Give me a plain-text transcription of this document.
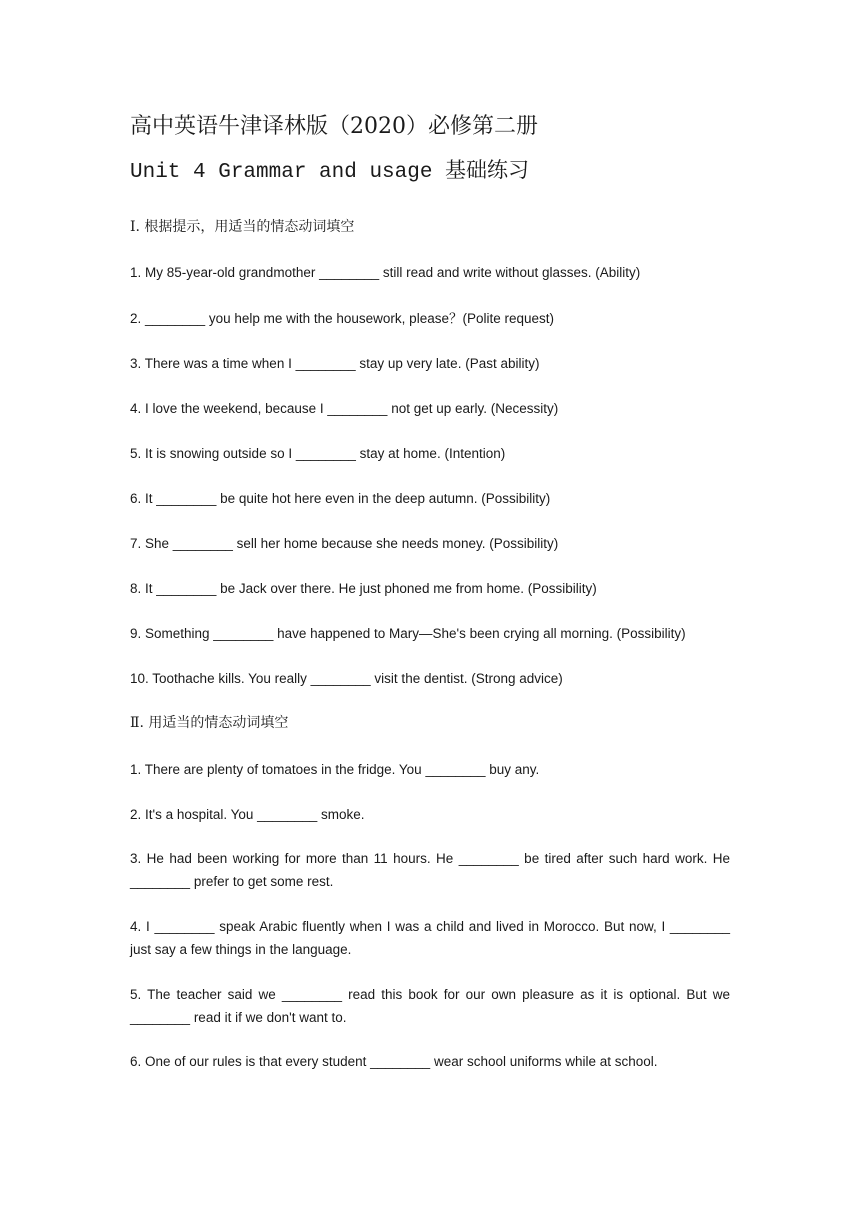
高中英语牛津译林版（2020）必修第二册
Unit 4 Grammar and usage 基础练习
Ⅰ. 根据提示，用适当的情态动词填空
1. My 85-year-old grandmother ________ still read and write without glasses. (Ability)
2. ________ you help me with the housework, please？(Polite request)
3. There was a time when I ________ stay up very late. (Past ability)
4. I love the weekend, because I ________ not get up early. (Necessity)
5. It is snowing outside so I ________ stay at home. (Intention)
6. It ________ be quite hot here even in the deep autumn. (Possibility)
7. She ________ sell her home because she needs money. (Possibility)
8. It ________ be Jack over there. He just phoned me from home. (Possibility)
9. Something ________ have happened to Mary—She's been crying all morning. (Possibility)
10. Toothache kills. You really ________ visit the dentist. (Strong advice)
Ⅱ. 用适当的情态动词填空
1. There are plenty of tomatoes in the fridge. You ________ buy any.
2. It's a hospital. You ________ smoke.
3. He had been working for more than 11 hours. He ________ be tired after such hard work. He ________ prefer to get some rest.
4. I ________ speak Arabic fluently when I was a child and lived in Morocco. But now, I ________ just say a few things in the language.
5. The teacher said we ________ read this book for our own pleasure as it is optional. But we ________ read it if we don't want to.
6. One of our rules is that every student ________ wear school uniforms while at school.
